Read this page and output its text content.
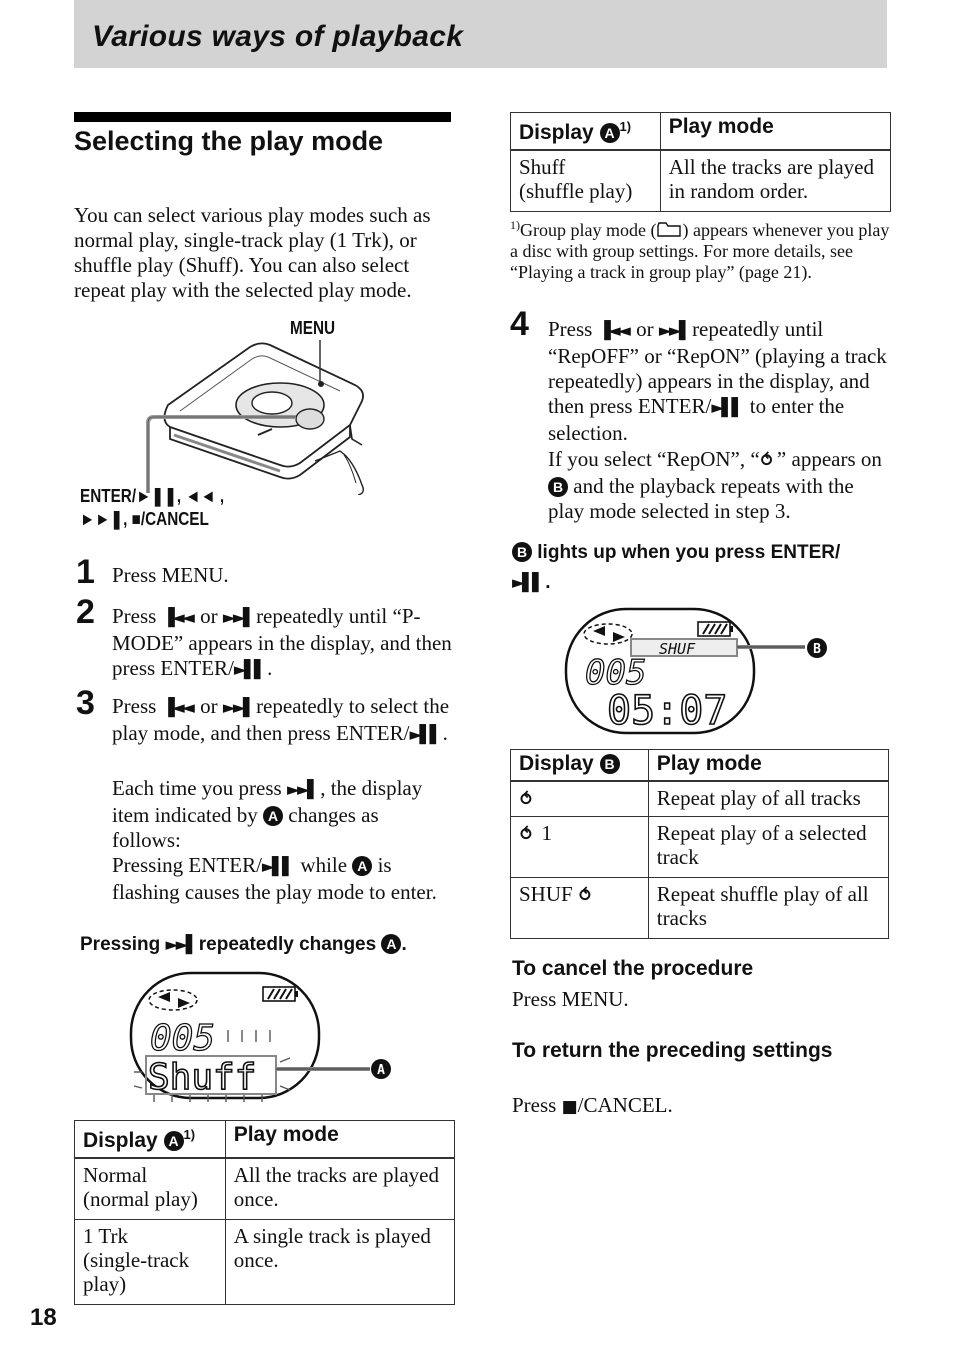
Various ways of playback
Selecting the play mode

You can select various play modes such as normal play, single-track play (1 Trk), or shuffle play (Shuff). You can also select repeat play with the selected play mode.

MENU
ENTER/►❚❚, ◄◄ ,
►►❚, ■/CANCEL
1 Press MENU.

2 Press ▐◄◄ or ►►▌ repeatedly until “P-MODE” appears in the display, and then press ENTER/►▌▌ .

3 Press ▐◄◄ or ►►▌ repeatedly to select the play mode, and then press ENTER/►▌▌ .

Each time you press ►►▌ , the display item indicated by A changes as follows:
Pressing ENTER/►▌▌ while A is flashing causes the play mode to enter.

Pressing ►►▌ repeatedly changes A .

005
Shuff	A
Display A $^{1)}$	Play mode
Normal
(normal play)	All the tracks are played once.
1 Trk
(single-track play)	A single track is played once.
18
Display A $^{1)}$	Play mode
Shuff
(shuffle play)	All the tracks are played in random order.
$^{1)}$Group play mode ( ) appears whenever you play a disc with group settings. For more details, see “Playing a track in group play” (page 21).
4 Press ▐◄◄ or ►►▌ repeatedly until “RepOFF” or “RepON” (playing a track repeatedly) appears in the display, and then press ENTER/►▌▌ to enter the selection.

If you select “RepON”, “⥀ ” appears on B and the playback repeats with the play mode selected in step 3.

B lights up when you press ENTER/
►▌▌ .

SHUF
005
05:07
B
Display B	Play mode
⥀	Repeat play of all tracks
⥀ 1	Repeat play of a selected track
SHUF ⥀	Repeat shuffle play of all tracks

To cancel the procedure

Press MENU.

To return the preceding settings

Press ■/CANCEL.
